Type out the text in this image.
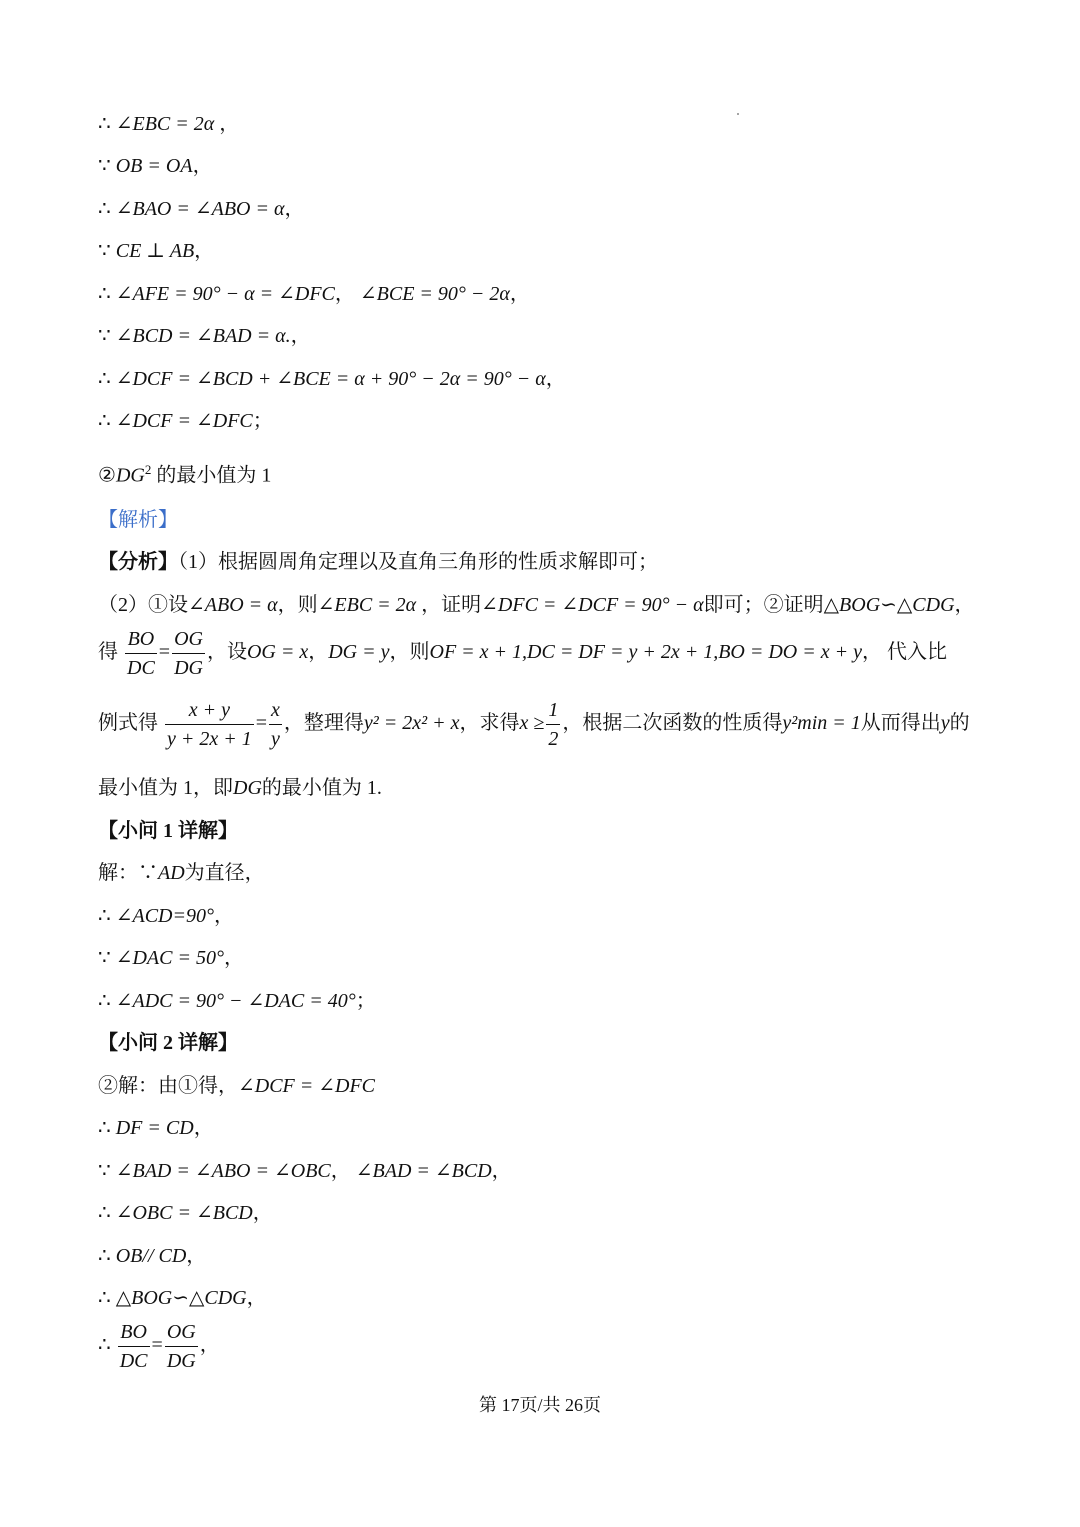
∴ ∠EBC = 2α ，
∵ OB = OA，
∴ ∠BAO = ∠ABO = α，
∵ CE ⊥ AB，
∴ ∠AFE = 90° − α = ∠DFC， ∠BCE = 90° − 2α，
∵ ∠BCD = ∠BAD = α.，
∴ ∠DCF = ∠BCD + ∠BCE = α + 90° − 2α = 90° − α，
∴ ∠DCF = ∠DFC；
$②DG^2$ 的最小值为 1
【解析】
【分析】（1）根据圆周角定理以及直角三角形的性质求解即可；
（2）①设∠ABO = α，则∠EBC = 2α ，证明∠DFC = ∠DCF = 90° − α即可；②证明△BOG∽△CDG，
得 $\frac{BO}{DC} = \frac{OG}{DG}$ ，设OG = x，DG = y，则OF = x + 1,DC = DF = y + 2x + 1,BO = DO = x + y， 代入比
例式得 $\frac{x + y}{y + 2x + 1} = \frac{x}{y}$ ，整理得y² = 2x² + x，求得$x \ge \frac{1}{2}$ ，根据二次函数的性质得y²min = 1从而得出y的
最小值为 1，即DG的最小值为 1.
【小问 1 详解】
解：∵AD为直径，
∴ ∠ACD=90°，
∵ ∠DAC = 50°，
∴ ∠ADC = 90° − ∠DAC = 40°；
【小问 2 详解】
②解：由①得，∠DCF = ∠DFC
∴ DF = CD，
∵ ∠BAD = ∠ABO = ∠OBC， ∠BAD = ∠BCD，
∴ ∠OBC = ∠BCD，
∴ OB// CD，
∴ △BOG∽△CDG，
∴ $\frac{BO}{DC} = \frac{OG}{DG}$ ，
第 17页/共 26页
